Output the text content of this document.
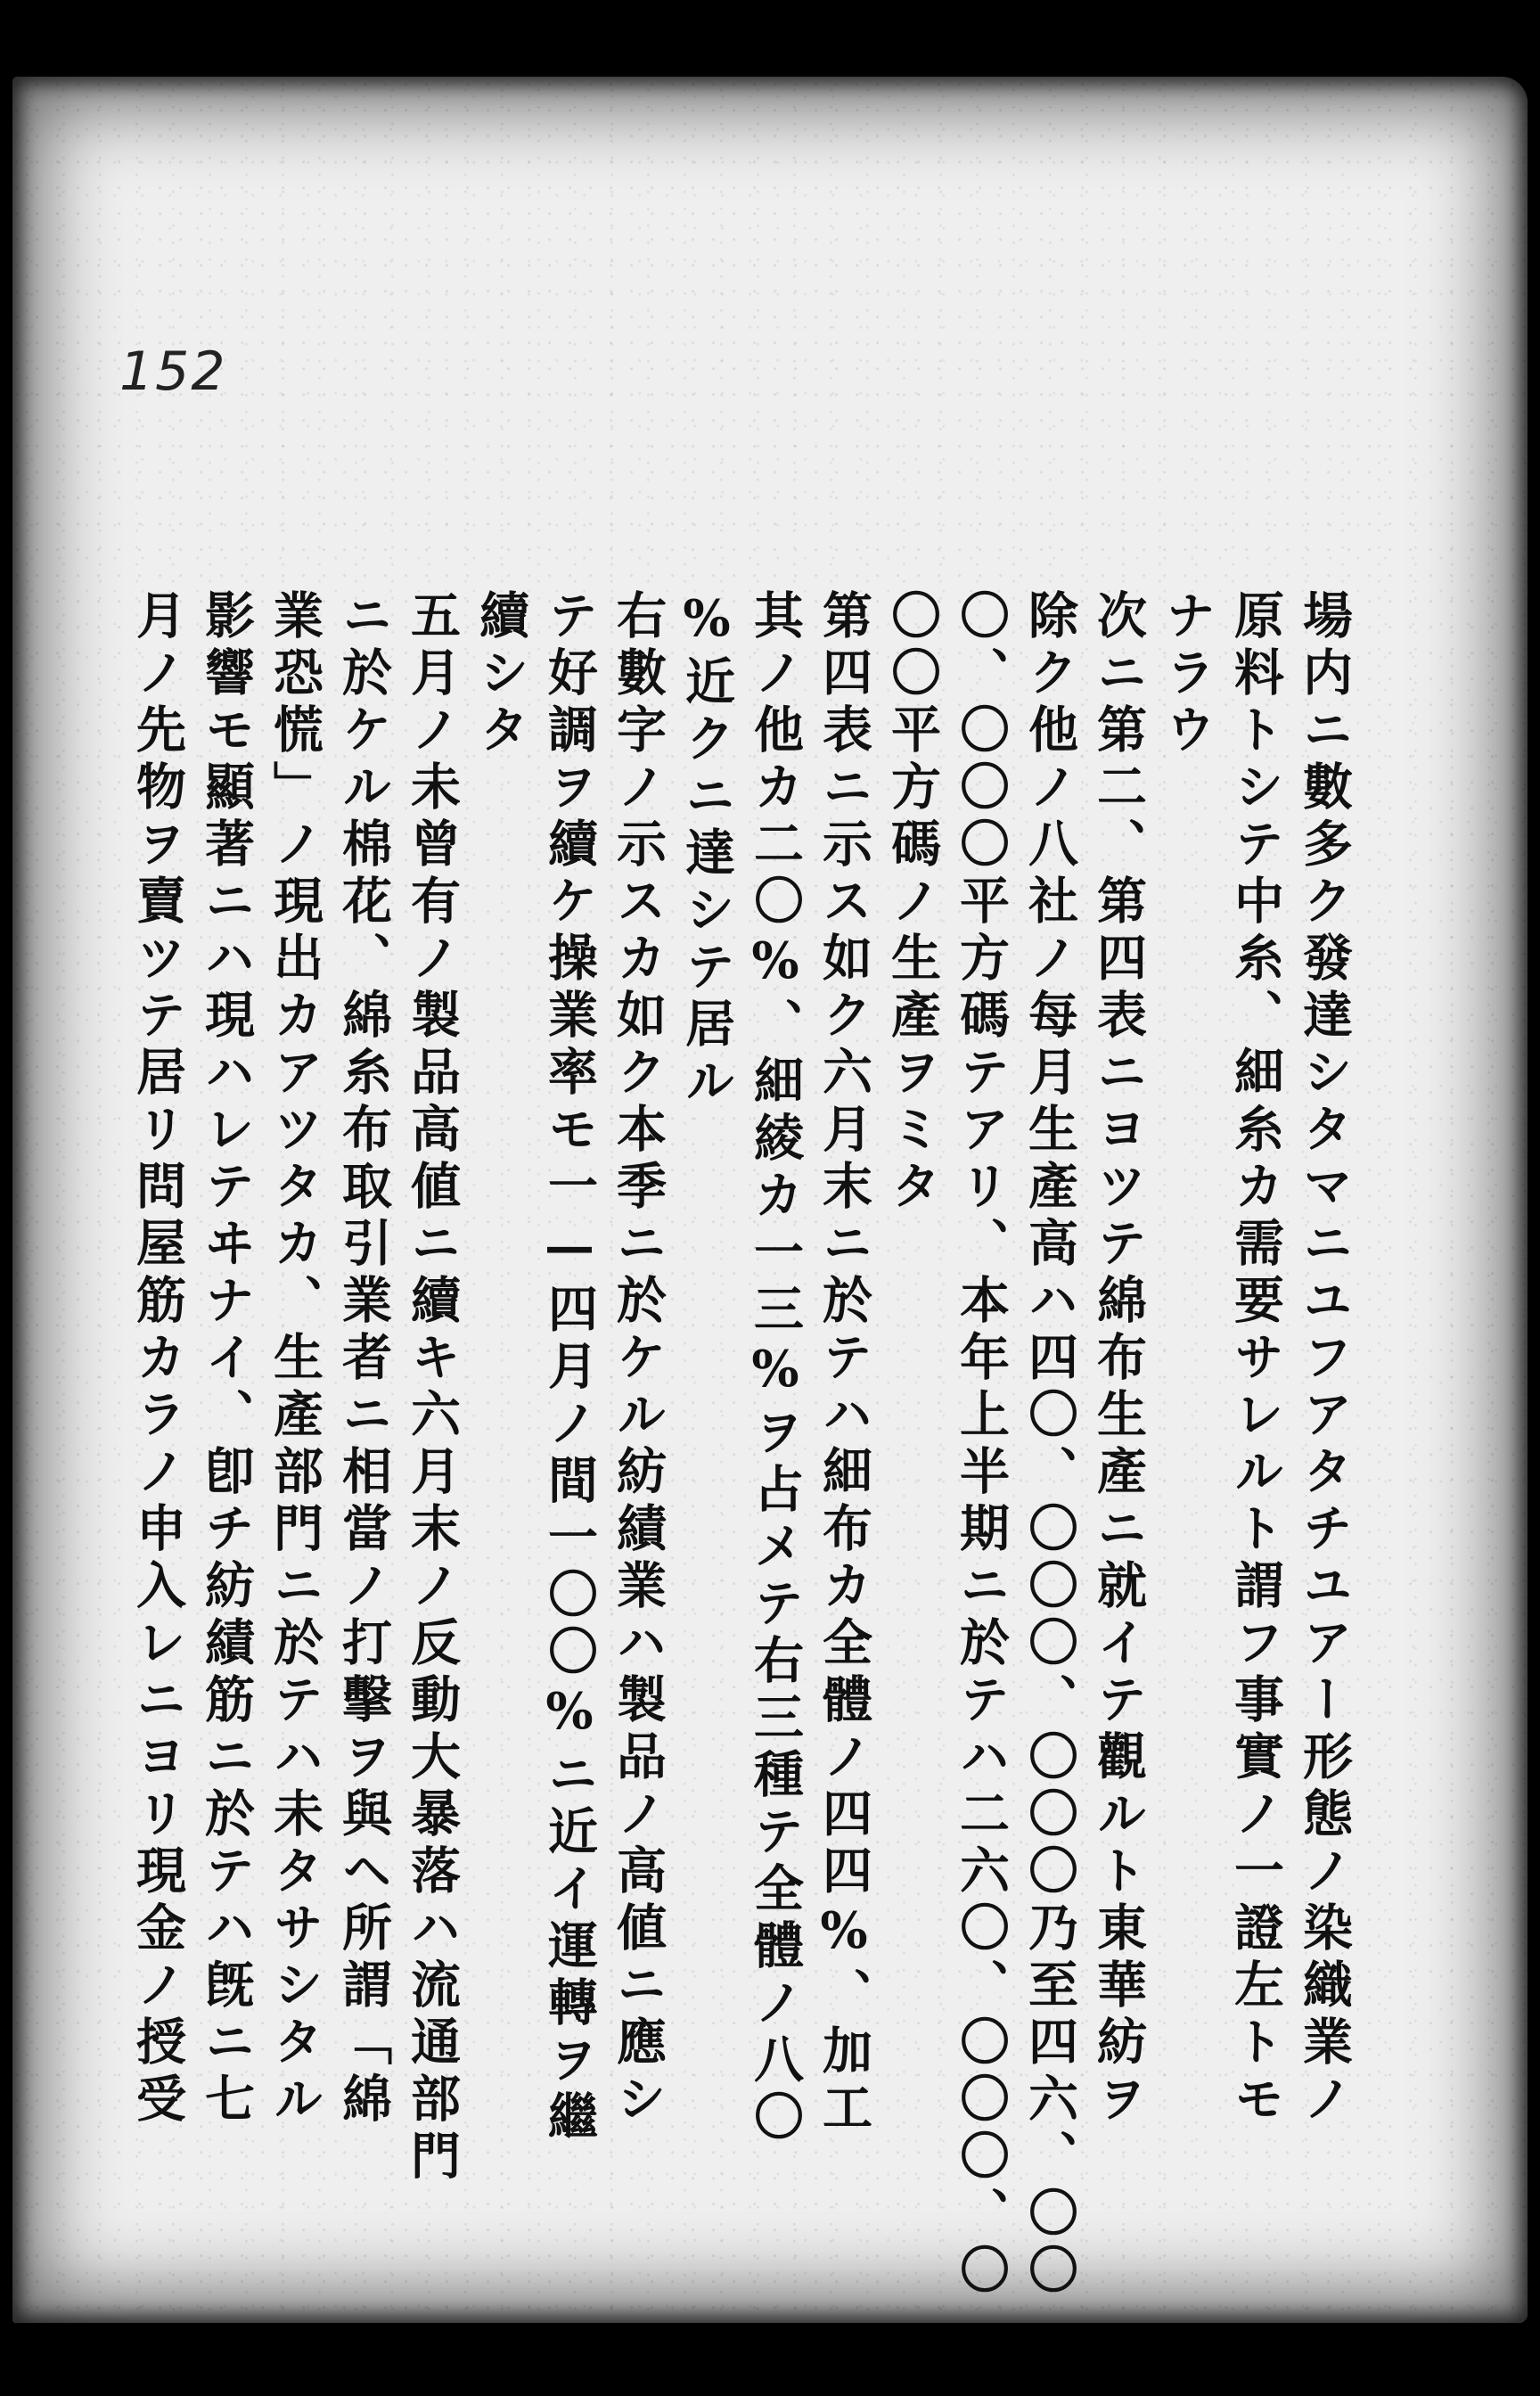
152
場内ニ數多ク發達シタマニユフアタチユアー形態ノ染織業ノ
原料トシテ中糸、細糸カ需要サレルト謂フ事實ノ一證左トモ
ナラウ
次ニ第二、第四表ニヨツテ綿布生產ニ就イテ觀ルト東華紡ヲ
除ク他ノ八社ノ每月生產高ハ四〇、〇〇〇、〇〇〇乃至四六、〇〇
〇、〇〇〇平方碼テアリ、本年上半期ニ於テハ二六〇、〇〇〇、〇
〇〇平方碼ノ生產ヲミタ
第四表ニ示ス如ク六月末ニ於テハ細布カ全體ノ四四%、加工
其ノ他カ二〇%、細綾カ一三%ヲ占メテ右三種テ全體ノ八〇
%近クニ達シテ居ル
右數字ノ示スカ如ク本季ニ於ケル紡績業ハ製品ノ高値ニ應シ
テ好調ヲ續ケ操業率モ一—四月ノ間一〇〇%ニ近イ運轉ヲ繼
續シタ
五月ノ未曾有ノ製品高値ニ續キ六月末ノ反動大暴落ハ流通部門
ニ於ケル棉花、綿糸布取引業者ニ相當ノ打擊ヲ與ヘ所謂「綿
業恐慌」ノ現出カアツタカ、生產部門ニ於テハ未タサシタル
影響モ顯著ニハ現ハレテヰナイ、卽チ紡績筋ニ於テハ旣ニ七
月ノ先物ヲ賣ツテ居リ問屋筋カラノ申入レニヨリ現金ノ授受
